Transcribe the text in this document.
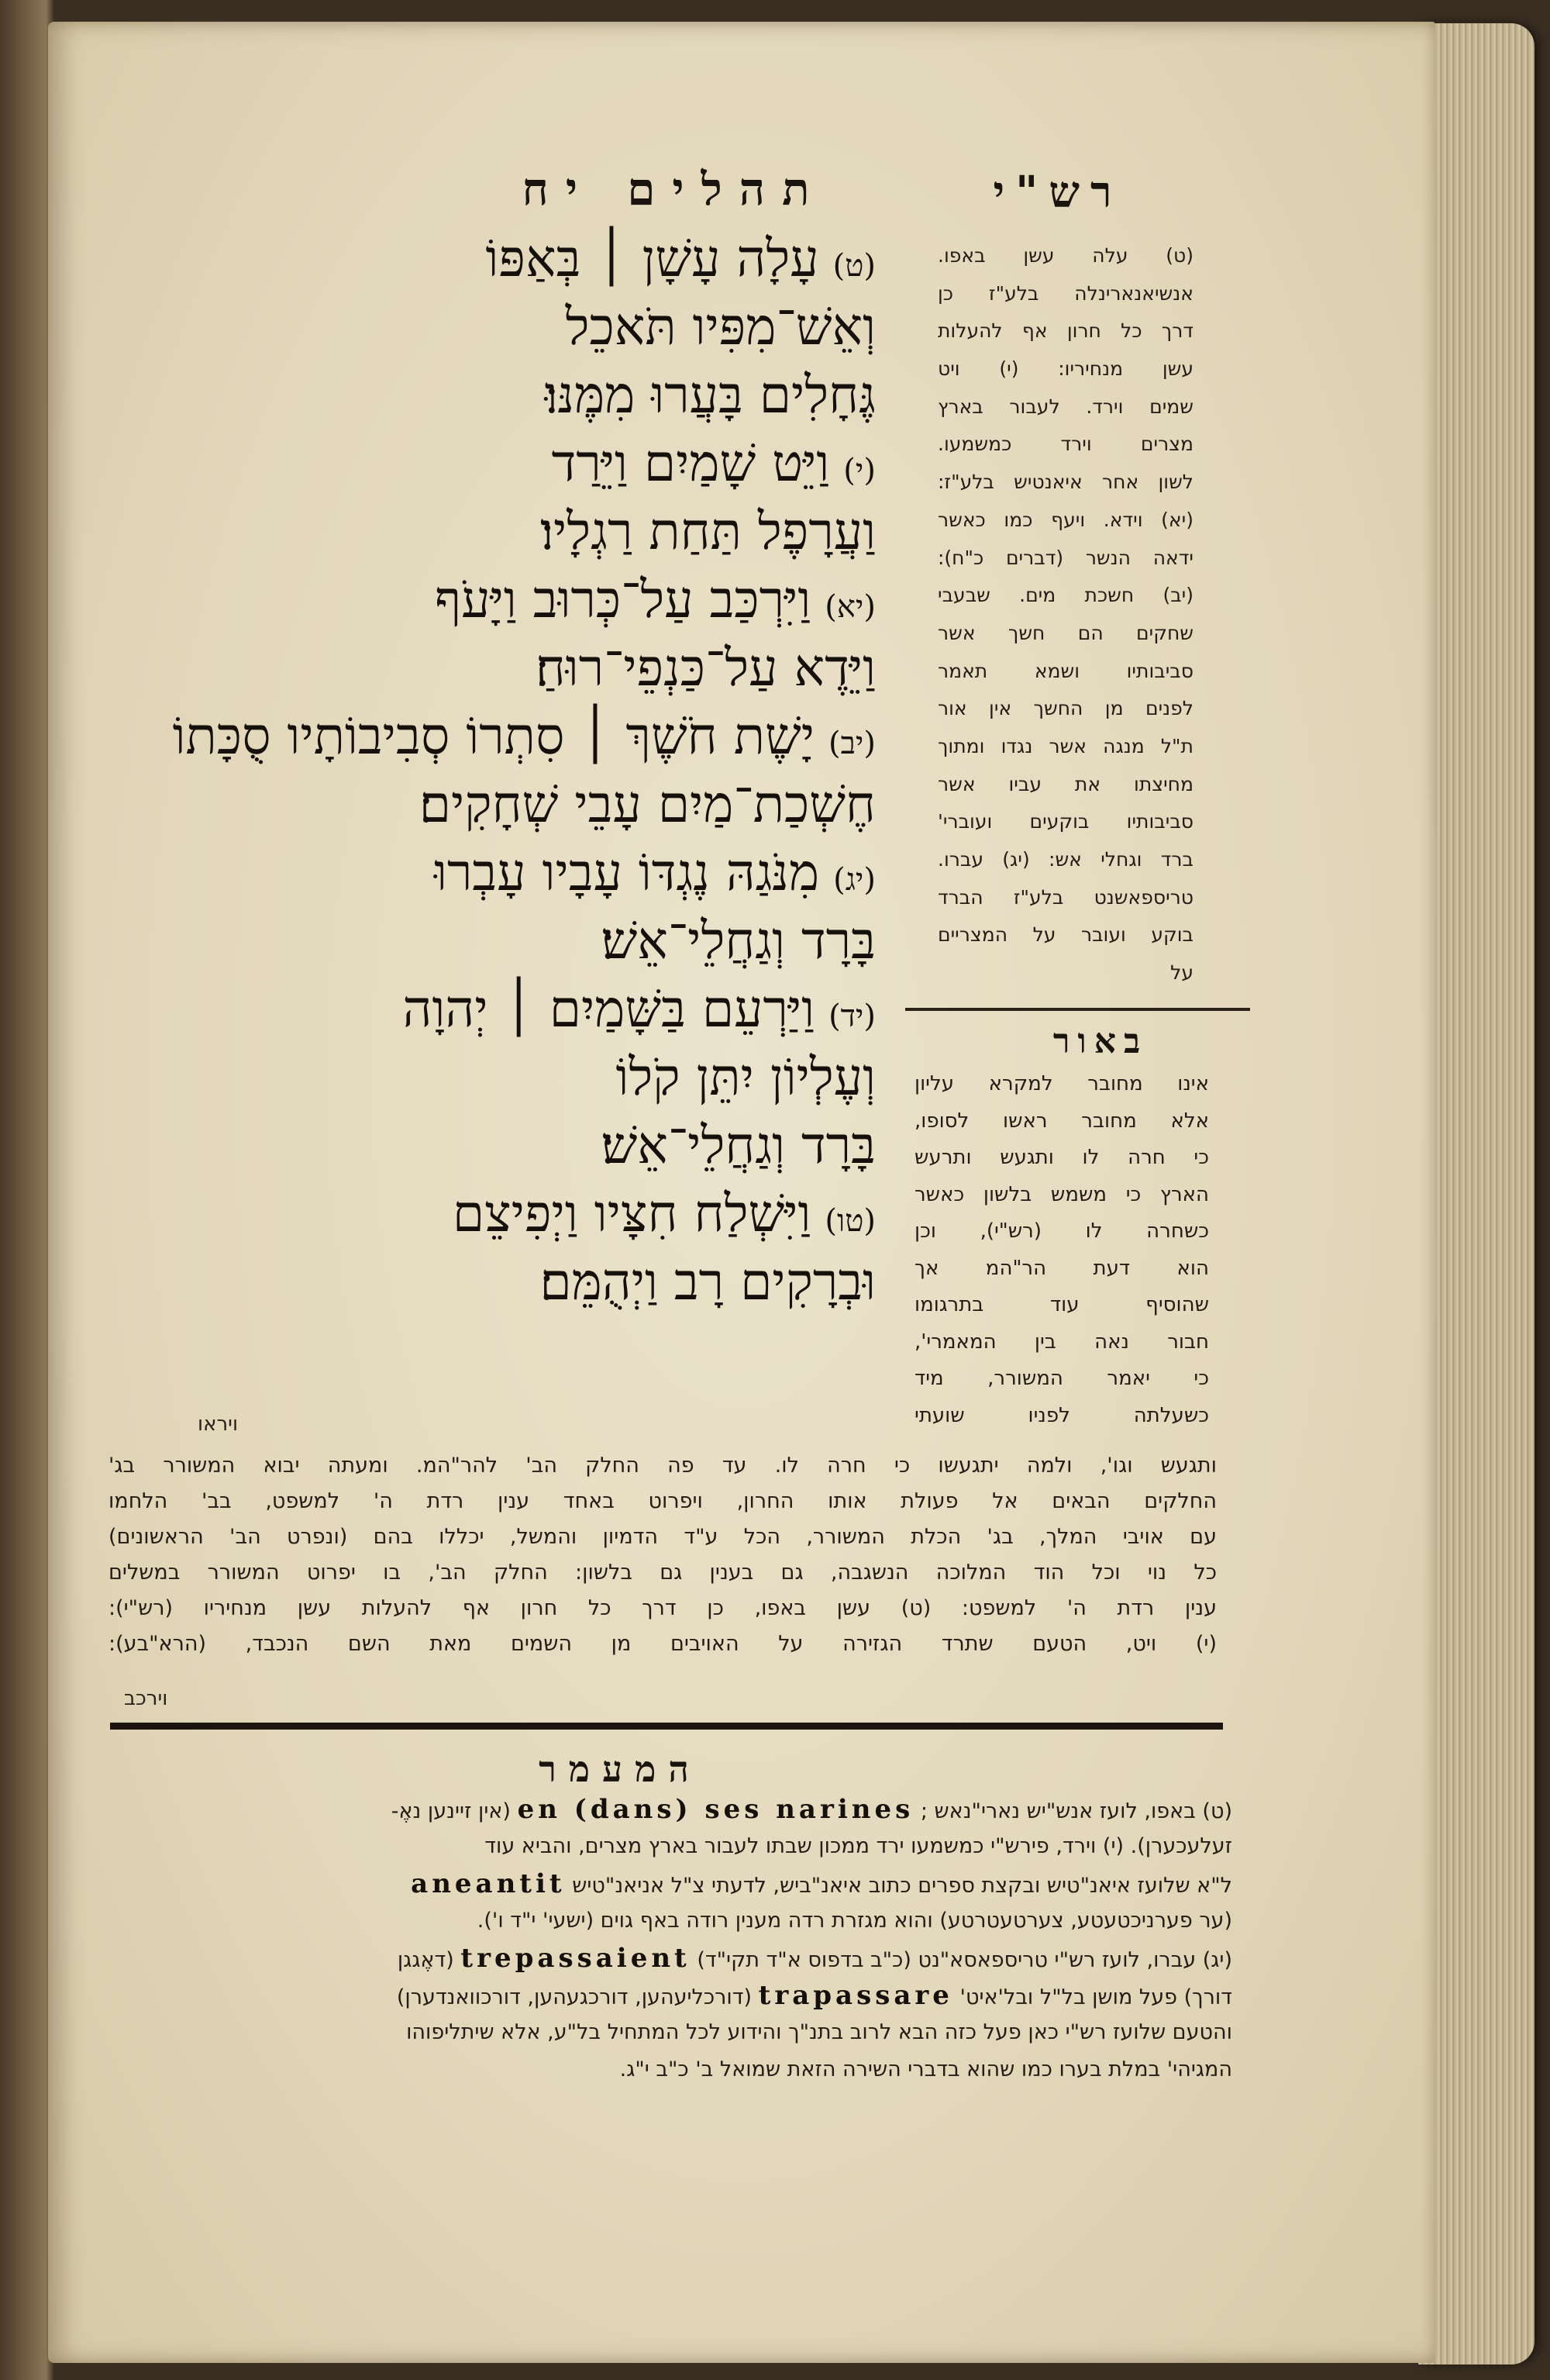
תהלים יח	רש"י
(ט)עָלָה עָשָׁן ׀ בְּאַפּוֹ
וְאֵשׁ־מִפִּיו תֹּאכֵל
גֶּחָלִים בָּעֲרוּ מִמֶּנּוּ׃
(י)וַיֵּט שָׁמַיִם וַיֵּרַד
וַעֲרָפֶל תַּחַת רַגְלָיו׃
(יא)וַיִּרְכַּב עַל־כְּרוּב וַיָּעֹף
וַיֵּדֶא עַל־כַּנְפֵי־רוּחַ׃
(יב)יָשֶׁת חֹשֶׁךְ ׀ סִתְרוֹ סְבִיבוֹתָיו סֻכָּתוֹ
חֶשְׁכַת־מַיִם עָבֵי שְׁחָקִים׃
(יג)מִנֹּגַהּ נֶגְדּוֹ עָבָיו עָבְרוּ
בָּרָד וְגַחֲלֵי־אֵשׁ׃
(יד)וַיַּרְעֵם בַּשָּׁמַיִם ׀ יְהוָה
וְעֶלְיוֹן יִתֵּן קֹלוֹ
בָּרָד וְגַחֲלֵי־אֵשׁ׃
(טו)וַיִּשְׁלַח חִצָּיו וַיְפִיצֵם
וּבְרָקִים רָב וַיְהֻמֵּם׃
(ט) עלה עשן באפו.
אנשיאנארינלה בלע"ז כן
דרך כל חרון אף להעלות
עשן מנחיריו: (י) ויט
שמים וירד. לעבור בארץ
מצרים וירד כמשמעו.
לשון אחר איאנטיש בלע"ז:
(יא) וידא. ויעף כמו כאשר
ידאה הנשר (דברים כ"ח):
(יב) חשכת מים. שבעבי
שחקים הם חשך אשר
סביבותיו ושמא תאמר
לפנים מן החשך אין אור
ת"ל מנגה אשר נגדו ומתוך
מחיצתו את עביו אשר
סביבותיו בוקעים ועוברי'
ברד וגחלי אש: (יג) עברו.
טריספאשנט בלע"ז הברד
בוקע ועובר על המצריים
על
באור
אינו מחובר למקרא עליון
אלא מחובר ראשו לסופו,
כי חרה לו ותגעש ותרעש
הארץ כי משמש בלשון כאשר
כשחרה לו (רש"י), וכן
הוא דעת הר"המ אך
שהוסיף עוד בתרגומו
חבור נאה בין המאמרי',
כי יאמר המשורר, מיד
כשעלתה לפניו שועתי
ויראו
ותגעש וגו', ולמה יתגעשו כי חרה לו. עד פה החלק הב' להר"המ. ומעתה יבוא המשורר בג'
החלקים הבאים אל פעולת אותו החרון, ויפרוט באחד ענין רדת ה' למשפט, בב' הלחמו
עם אויבי המלך, בג' הכלת המשורר, הכל ע"ד הדמיון והמשל, יכללו בהם (ונפרט הב' הראשונים)
כל נוי וכל הוד המלוכה הנשגבה, גם בענין גם בלשון: החלק הב', בו יפרוט המשורר במשלים
ענין רדת ה' למשפט: (ט) עשן באפו, כן דרך כל חרון אף להעלות עשן מנחיריו (רש"י):
(י) ויט, הטעם שתרד הגזירה על האויבים מן השמים מאת השם הנכבד, (הרא"בע):
וירכב
המעמר
(ט) באפו, לועז אנש"יש נארי"נאש ; en (dans) ses narines (אין זיינען נאֶ-
זעלעכערן). (י) וירד, פירש"י כמשמעו ירד ממכון שבתו לעבור בארץ מצרים, והביא עוד
ל"א שלועז איאנ"טיש ובקצת ספרים כתוב איאנ"ביש, לדעתי צ"ל אניאנ"טיש aneantit
(ער פערניכטעטע, צערטעטרטע) והוא מגזרת רדה מענין רודה באף גוים (ישעי' י"ד ו').
(יג) עברו, לועז רש"י טריספאסא"נט (כ"ב בדפוס א"ד תקי"ד) trepassaient (דאֶגגן
דורך) פעל מושן בל"ל ובל'איט' trapassare (דורכליעהען, דורכגעהען, דורכוואנדערן)
והטעם שלועז רש"י כאן פעל כזה הבא לרוב בתנ"ך והידוע לכל המתחיל בל"ע, אלא שיתליפוהו
המגיהי' במלת בערו כמו שהוא בדברי השירה הזאת שמואל ב' כ"ב י"ג.
